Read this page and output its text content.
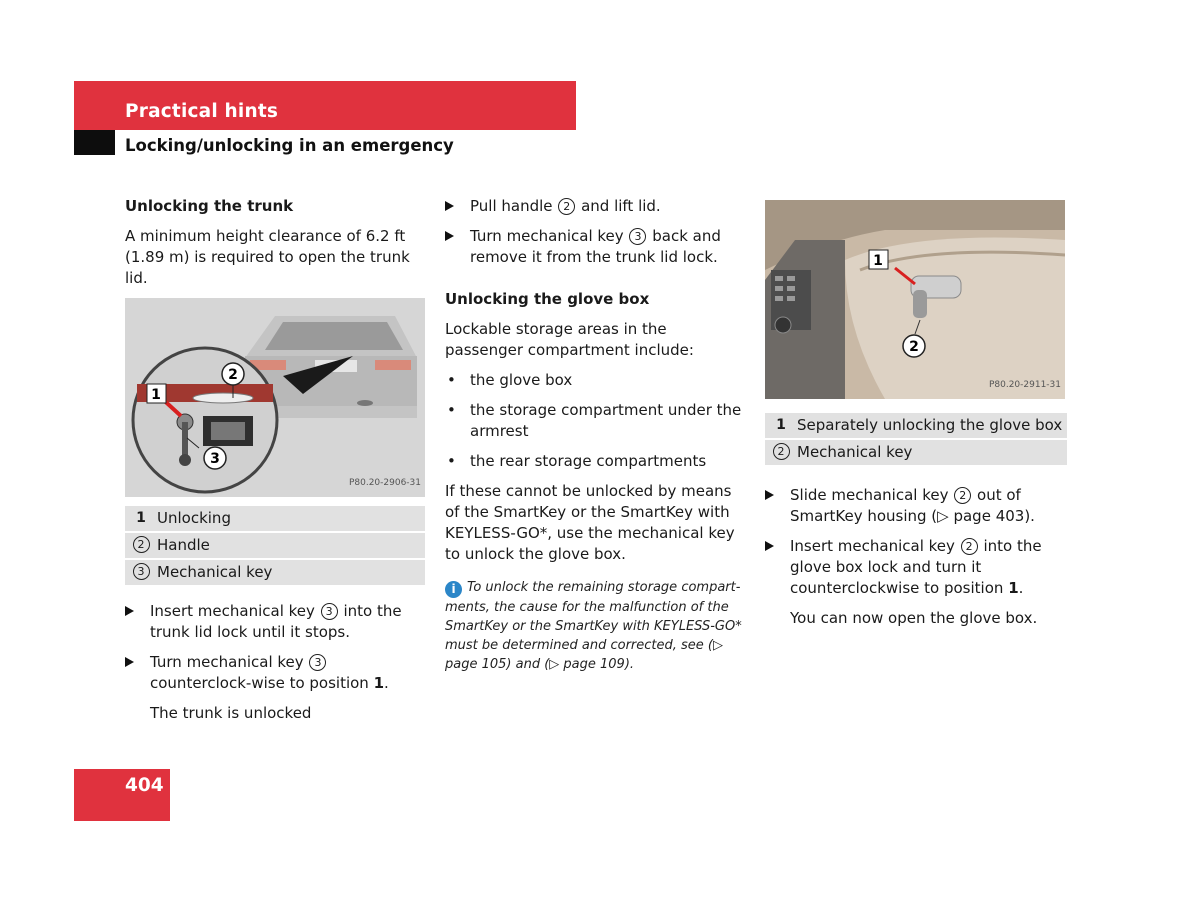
Practical hints
Locking/unlocking in an emergency
Unlocking the trunk
A minimum height clearance of 6.2 ft (1.89 m) is required to open the trunk lid.
1
2
3
P80.20-2906-31
1 Unlocking
2 Handle
3 Mechanical key
Insert mechanical key 3 into the trunk lid lock until it stops.
Turn mechanical key 3 counterclock-wise to position 1.
The trunk is unlocked
Pull handle 2 and lift lid.
Turn mechanical key 3 back and remove it from the trunk lid lock.
Unlocking the glove box
Lockable storage areas in the passenger compartment include:
• the glove box
• the storage compartment under the armrest
• the rear storage compartments
If these cannot be unlocked by means of the SmartKey or the SmartKey with KEYLESS-GO*, use the mechanical key to unlock the glove box.
i To unlock the remaining storage compart-ments, the cause for the malfunction of the SmartKey or the SmartKey with KEYLESS-GO* must be determined and corrected, see (▷ page 105) and (▷ page 109).
1
2
P80.20-2911-31
1 Separately unlocking the glove box
2 Mechanical key
Slide mechanical key 2 out of SmartKey housing (▷ page 403).
Insert mechanical key 2 into the glove box lock and turn it counterclockwise to position 1.
You can now open the glove box.
404
